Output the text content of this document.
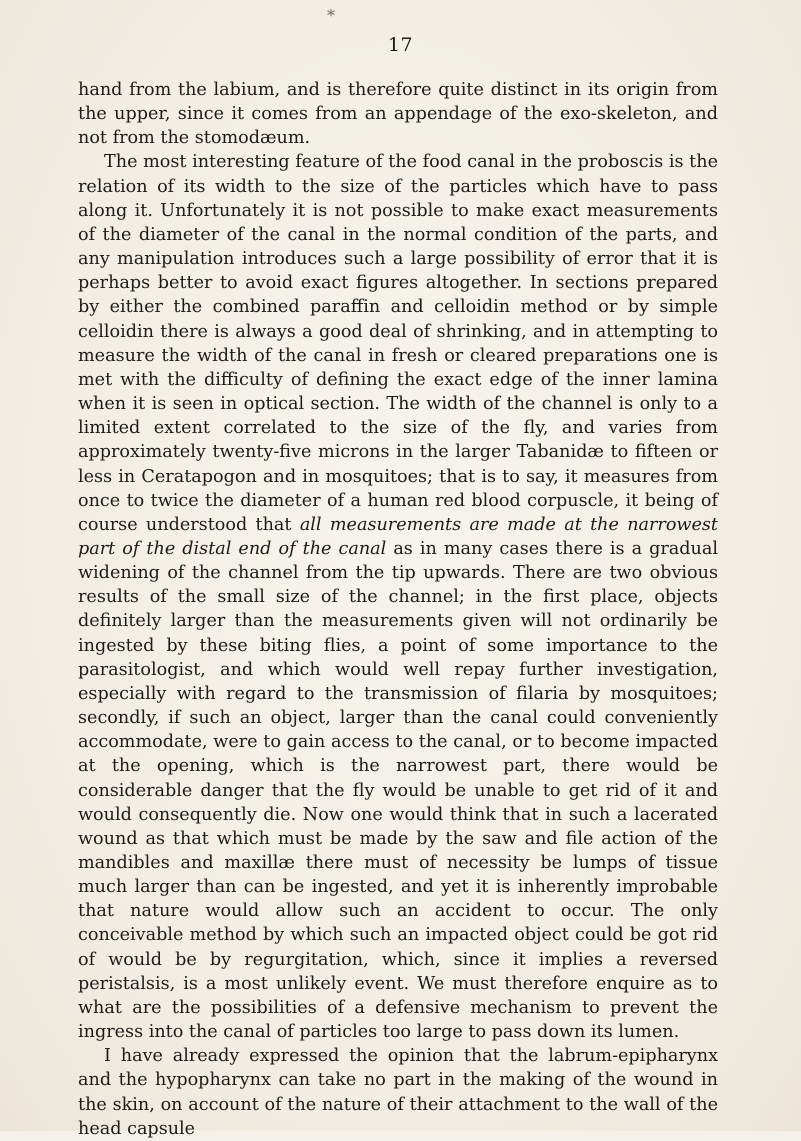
*
17

hand from the labium, and is therefore quite distinct in its origin from the upper, since it comes from an appendage of the exo-skeleton, and not from the stomodæum.

The most interesting feature of the food canal in the proboscis is the relation of its width to the size of the particles which have to pass along it. Unfortunately it is not possible to make exact measurements of the diameter of the canal in the normal condition of the parts, and any manipulation introduces such a large possibility of error that it is perhaps better to avoid exact figures altogether. In sections prepared by either the combined paraffin and celloidin method or by simple celloidin there is always a good deal of shrinking, and in attempting to measure the width of the canal in fresh or cleared preparations one is met with the difficulty of defining the exact edge of the inner lamina when it is seen in optical section. The width of the channel is only to a limited extent correlated to the size of the fly, and varies from approximately twenty-five microns in the larger Tabanidæ to fifteen or less in Ceratapogon and in mosquitoes; that is to say, it measures from once to twice the diameter of a human red blood corpuscle, it being of course understood that all measurements are made at the narrowest part of the distal end of the canal as in many cases there is a gradual widening of the channel from the tip upwards. There are two obvious results of the small size of the channel; in the first place, objects definitely larger than the measurements given will not ordinarily be ingested by these biting flies, a point of some importance to the parasitologist, and which would well repay further investigation, especially with regard to the transmission of filaria by mosquitoes; secondly, if such an object, larger than the canal could conveniently accommodate, were to gain access to the canal, or to become impacted at the opening, which is the narrowest part, there would be considerable danger that the fly would be unable to get rid of it and would consequently die. Now one would think that in such a lacerated wound as that which must be made by the saw and file action of the mandibles and maxillæ there must of necessity be lumps of tissue much larger than can be ingested, and yet it is inherently improbable that nature would allow such an accident to occur. The only conceivable method by which such an impacted object could be got rid of would be by regurgitation, which, since it implies a reversed peristalsis, is a most unlikely event. We must therefore enquire as to what are the possibilities of a defensive mechanism to prevent the ingress into the canal of particles too large to pass down its lumen.

I have already expressed the opinion that the labrum-epipharynx and the hypopharynx can take no part in the making of the wound in the skin, on account of the nature of their attachment to the wall of the head capsule
